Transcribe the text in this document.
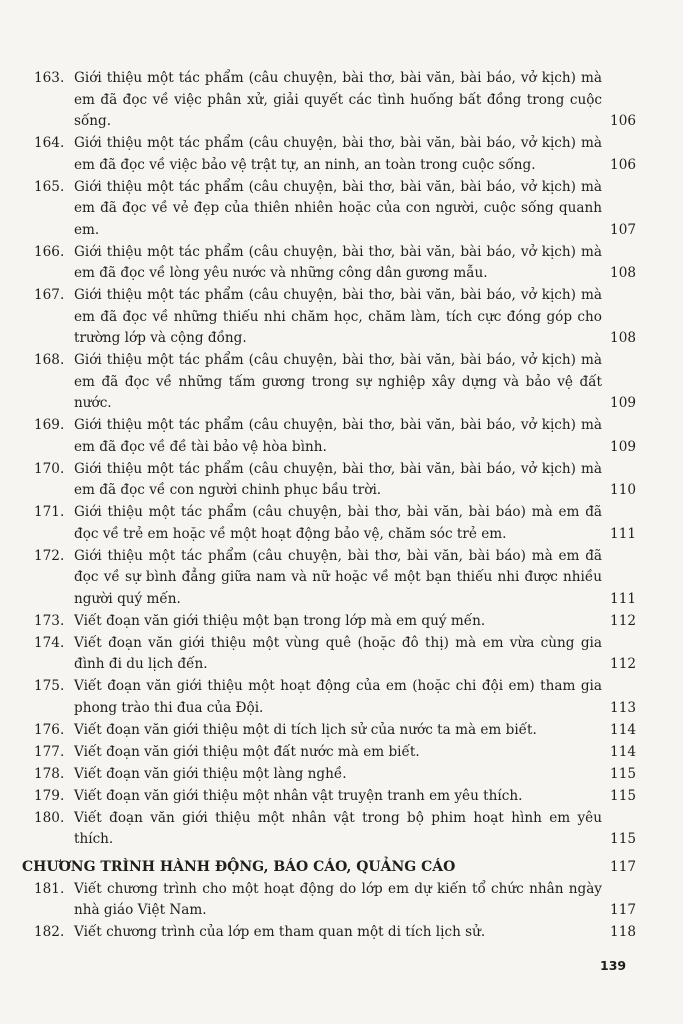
163. Giới thiệu một tác phẩm (câu chuyện, bài thơ, bài văn, bài báo, vở kịch) mà em đã đọc về việc phân xử, giải quyết các tình huống bất đồng trong cuộc sống.	106
164. Giới thiệu một tác phẩm (câu chuyện, bài thơ, bài văn, bài báo, vở kịch) mà em đã đọc về việc bảo vệ trật tự, an ninh, an toàn trong cuộc sống.	106
165. Giới thiệu một tác phẩm (câu chuyện, bài thơ, bài văn, bài báo, vở kịch) mà em đã đọc về vẻ đẹp của thiên nhiên hoặc của con người, cuộc sống quanh em.	107
166. Giới thiệu một tác phẩm (câu chuyện, bài thơ, bài văn, bài báo, vở kịch) mà em đã đọc về lòng yêu nước và những công dân gương mẫu.	108
167. Giới thiệu một tác phẩm (câu chuyện, bài thơ, bài văn, bài báo, vở kịch) mà em đã đọc về những thiếu nhi chăm học, chăm làm, tích cực đóng góp cho trường lớp và cộng đồng.	108
168. Giới thiệu một tác phẩm (câu chuyện, bài thơ, bài văn, bài báo, vở kịch) mà em đã đọc về những tấm gương trong sự nghiệp xây dựng và bảo vệ đất nước.	109
169. Giới thiệu một tác phẩm (câu chuyện, bài thơ, bài văn, bài báo, vở kịch) mà em đã đọc về đề tài bảo vệ hòa bình.	109
170. Giới thiệu một tác phẩm (câu chuyện, bài thơ, bài văn, bài báo, vở kịch) mà em đã đọc về con người chinh phục bầu trời.	110
171. Giới thiệu một tác phẩm (câu chuyện, bài thơ, bài văn, bài báo) mà em đã đọc về trẻ em hoặc về một hoạt động bảo vệ, chăm sóc trẻ em.	111
172. Giới thiệu một tác phẩm (câu chuyện, bài thơ, bài văn, bài báo) mà em đã đọc về sự bình đẳng giữa nam và nữ hoặc về một bạn thiếu nhi được nhiều người quý mến.	111
173. Viết đoạn văn giới thiệu một bạn trong lớp mà em quý mến.	112
174. Viết đoạn văn giới thiệu một vùng quê (hoặc đô thị) mà em vừa cùng gia đình đi du lịch đến.	112
175. Viết đoạn văn giới thiệu một hoạt động của em (hoặc chi đội em) tham gia phong trào thi đua của Đội.	113
176. Viết đoạn văn giới thiệu một di tích lịch sử của nước ta mà em biết.	114
177. Viết đoạn văn giới thiệu một đất nước mà em biết.	114
178. Viết đoạn văn giới thiệu một làng nghề.	115
179. Viết đoạn văn giới thiệu một nhân vật truyện tranh em yêu thích.	115
180. Viết đoạn văn giới thiệu một nhân vật trong bộ phim hoạt hình em yêu thích.	115
CHƯƠNG TRÌNH HÀNH ĐỘNG, BÁO CÁO, QUẢNG CÁO	117
181. Viết chương trình cho một hoạt động do lớp em dự kiến tổ chức nhân ngày nhà giáo Việt Nam.	117
182. Viết chương trình của lớp em tham quan một di tích lịch sử.	118
139
